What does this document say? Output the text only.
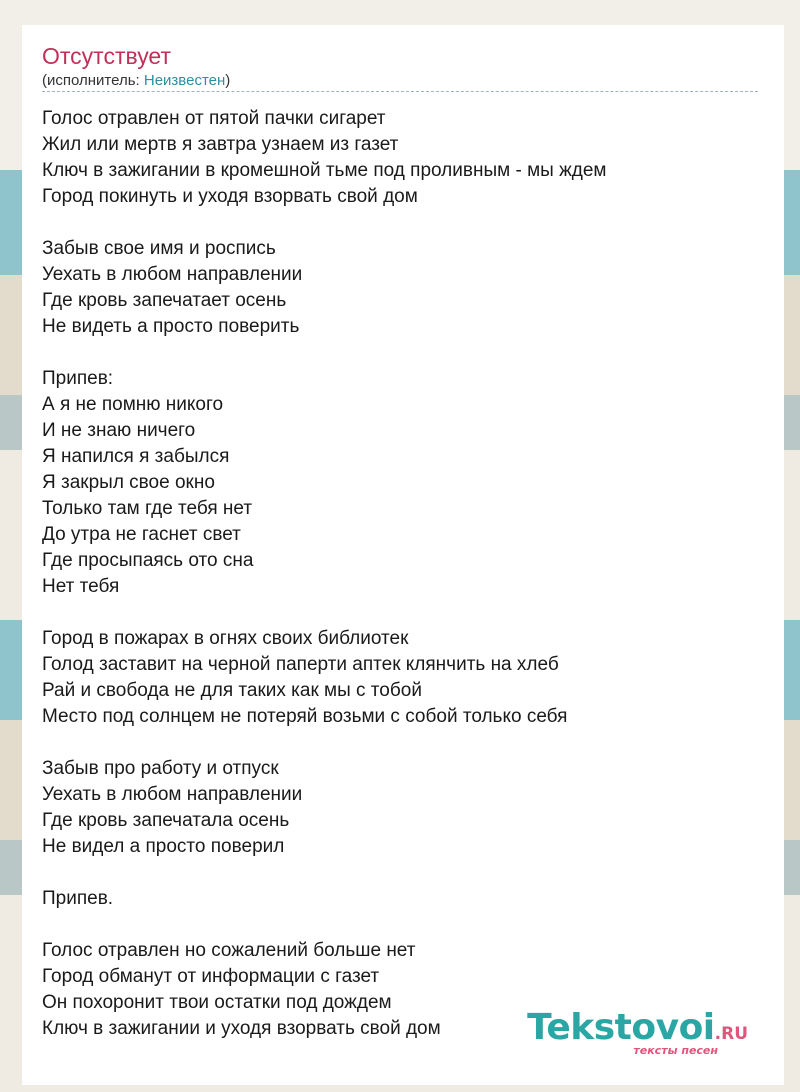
Отсутствует
(исполнитель: Неизвестен)
Голос отравлен от пятой пачки сигарет
Жил или мертв я завтра узнаем из газет
Ключ в зажигании в кромешной тьме под проливным - мы ждем
Город покинуть и уходя взорвать свой дом
Забыв свое имя и роспись
Уехать в любом направлении
Где кровь запечатает осень
Не видеть а просто поверить
Припев:
А я не помню никого
И не знаю ничего
Я напился я забылся
Я закрыл свое окно
Только там где тебя нет
До утра не гаснет свет
Где просыпаясь ото сна
Нет тебя
Город в пожарах в огнях своих библиотек
Голод заставит на черной паперти аптек клянчить на хлеб
Рай и свобода не для таких как мы с тобой
Место под солнцем не потеряй возьми с собой только себя
Забыв про работу и отпуск
Уехать в любом направлении
Где кровь запечатала осень
Не видел а просто поверил
Припев.
Голос отравлен но сожалений больше нет
Город обманут от информации с газет
Он похоронит твои остатки под дождем
Ключ в зажигании и уходя взорвать свой дом	Tekstovoi.RU
тексты песен
